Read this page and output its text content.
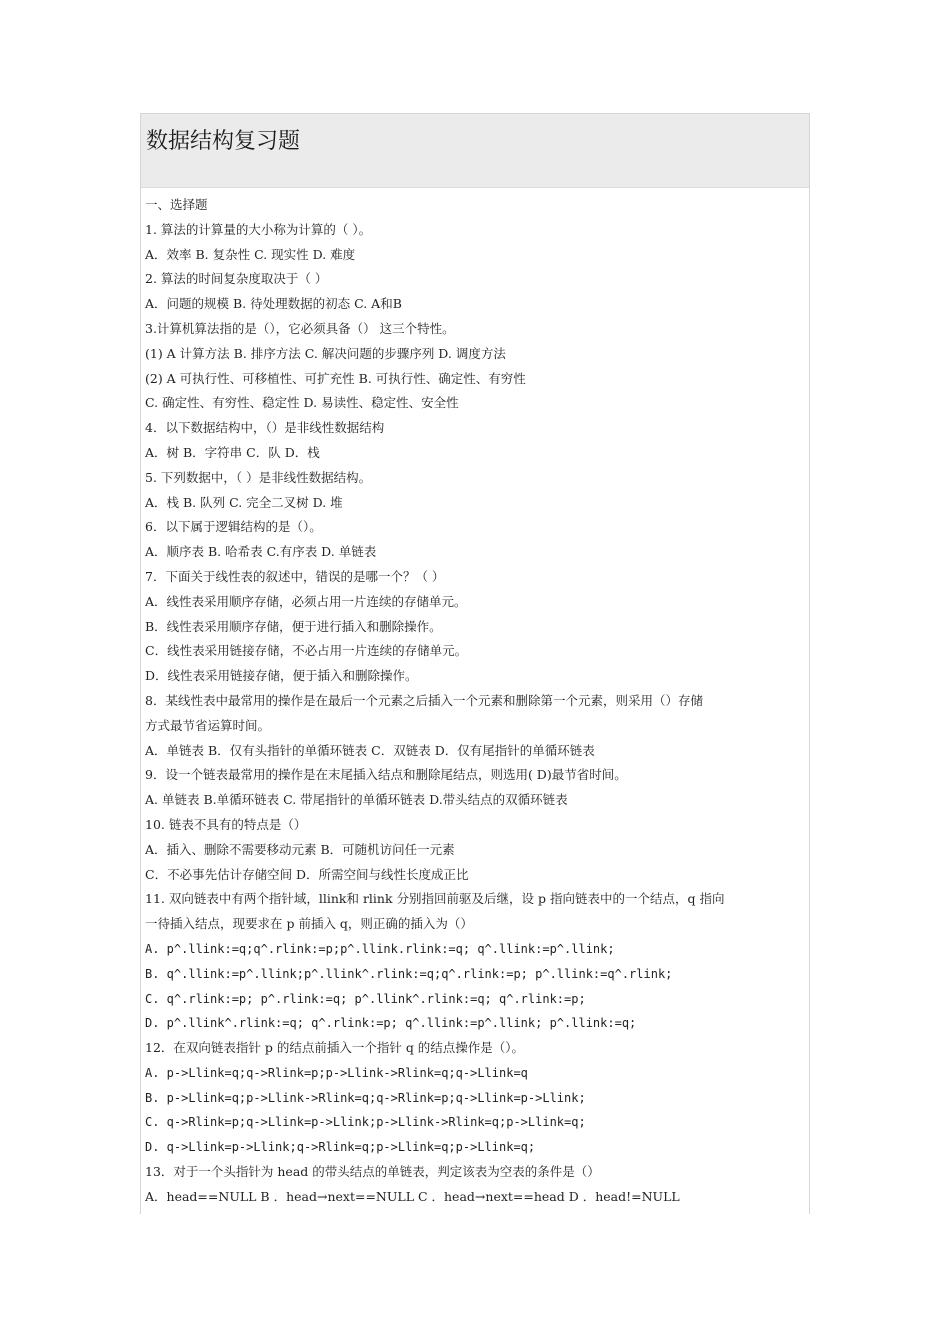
数据结构复习题
一、选择题
1. 算法的计算量的大小称为计算的（ ）。
A．效率 B. 复杂性 C. 现实性 D. 难度
2. 算法的时间复杂度取决于（ ）
A．问题的规模 B. 待处理数据的初态 C. A和B
3.计算机算法指的是（），它必须具备（） 这三个特性。
(1) A 计算方法 B. 排序方法 C. 解决问题的步骤序列 D. 调度方法
(2) A 可执行性、可移植性、可扩充性 B. 可执行性、确定性、有穷性
C. 确定性、有穷性、稳定性 D. 易读性、稳定性、安全性
4．以下数据结构中，（）是非线性数据结构
A．树 B．字符串 C．队 D．栈
5. 下列数据中，（ ）是非线性数据结构。
A．栈 B. 队列 C. 完全二叉树 D. 堆
6．以下属于逻辑结构的是（）。
A．顺序表 B. 哈希表 C.有序表 D. 单链表
7．下面关于线性表的叙述中，错误的是哪一个？（ ）
A．线性表采用顺序存储，必须占用一片连续的存储单元。
B．线性表采用顺序存储，便于进行插入和删除操作。
C．线性表采用链接存储，不必占用一片连续的存储单元。
D．线性表采用链接存储，便于插入和删除操作。
8．某线性表中最常用的操作是在最后一个元素之后插入一个元素和删除第一个元素，则采用（）存储
方式最节省运算时间。
A．单链表 B．仅有头指针的单循环链表 C．双链表 D．仅有尾指针的单循环链表
9．设一个链表最常用的操作是在末尾插入结点和删除尾结点，则选用( D)最节省时间。
A. 单链表 B.单循环链表 C. 带尾指针的单循环链表 D.带头结点的双循环链表
10. 链表不具有的特点是（）
A．插入、删除不需要移动元素 B．可随机访问任一元素
C．不必事先估计存储空间 D．所需空间与线性长度成正比
11. 双向链表中有两个指针域，llink和 rlink 分别指回前驱及后继，设 p 指向链表中的一个结点，q 指向
一待插入结点，现要求在 p 前插入 q，则正确的插入为（）
A. p^.llink:=q;q^.rlink:=p;p^.llink.rlink:=q; q^.llink:=p^.llink;
B. q^.llink:=p^.llink;p^.llink^.rlink:=q;q^.rlink:=p; p^.llink:=q^.rlink;
C. q^.rlink:=p; p^.rlink:=q; p^.llink^.rlink:=q; q^.rlink:=p;
D. p^.llink^.rlink:=q; q^.rlink:=p; q^.llink:=p^.llink; p^.llink:=q;
12．在双向链表指针 p 的结点前插入一个指针 q 的结点操作是（）。
A. p->Llink=q;q->Rlink=p;p->Llink->Rlink=q;q->Llink=q
B. p->Llink=q;p->Llink->Rlink=q;q->Rlink=p;q->Llink=p->Llink;
C. q->Rlink=p;q->Llink=p->Llink;p->Llink->Rlink=q;p->Llink=q;
D. q->Llink=p->Llink;q->Rlink=q;p->Llink=q;p->Llink=q;
13．对于一个头指针为 head 的带头结点的单链表，判定该表为空表的条件是（）
A．head==NULL B ．head→next==NULL C ．head→next==head D ．head!=NULL
